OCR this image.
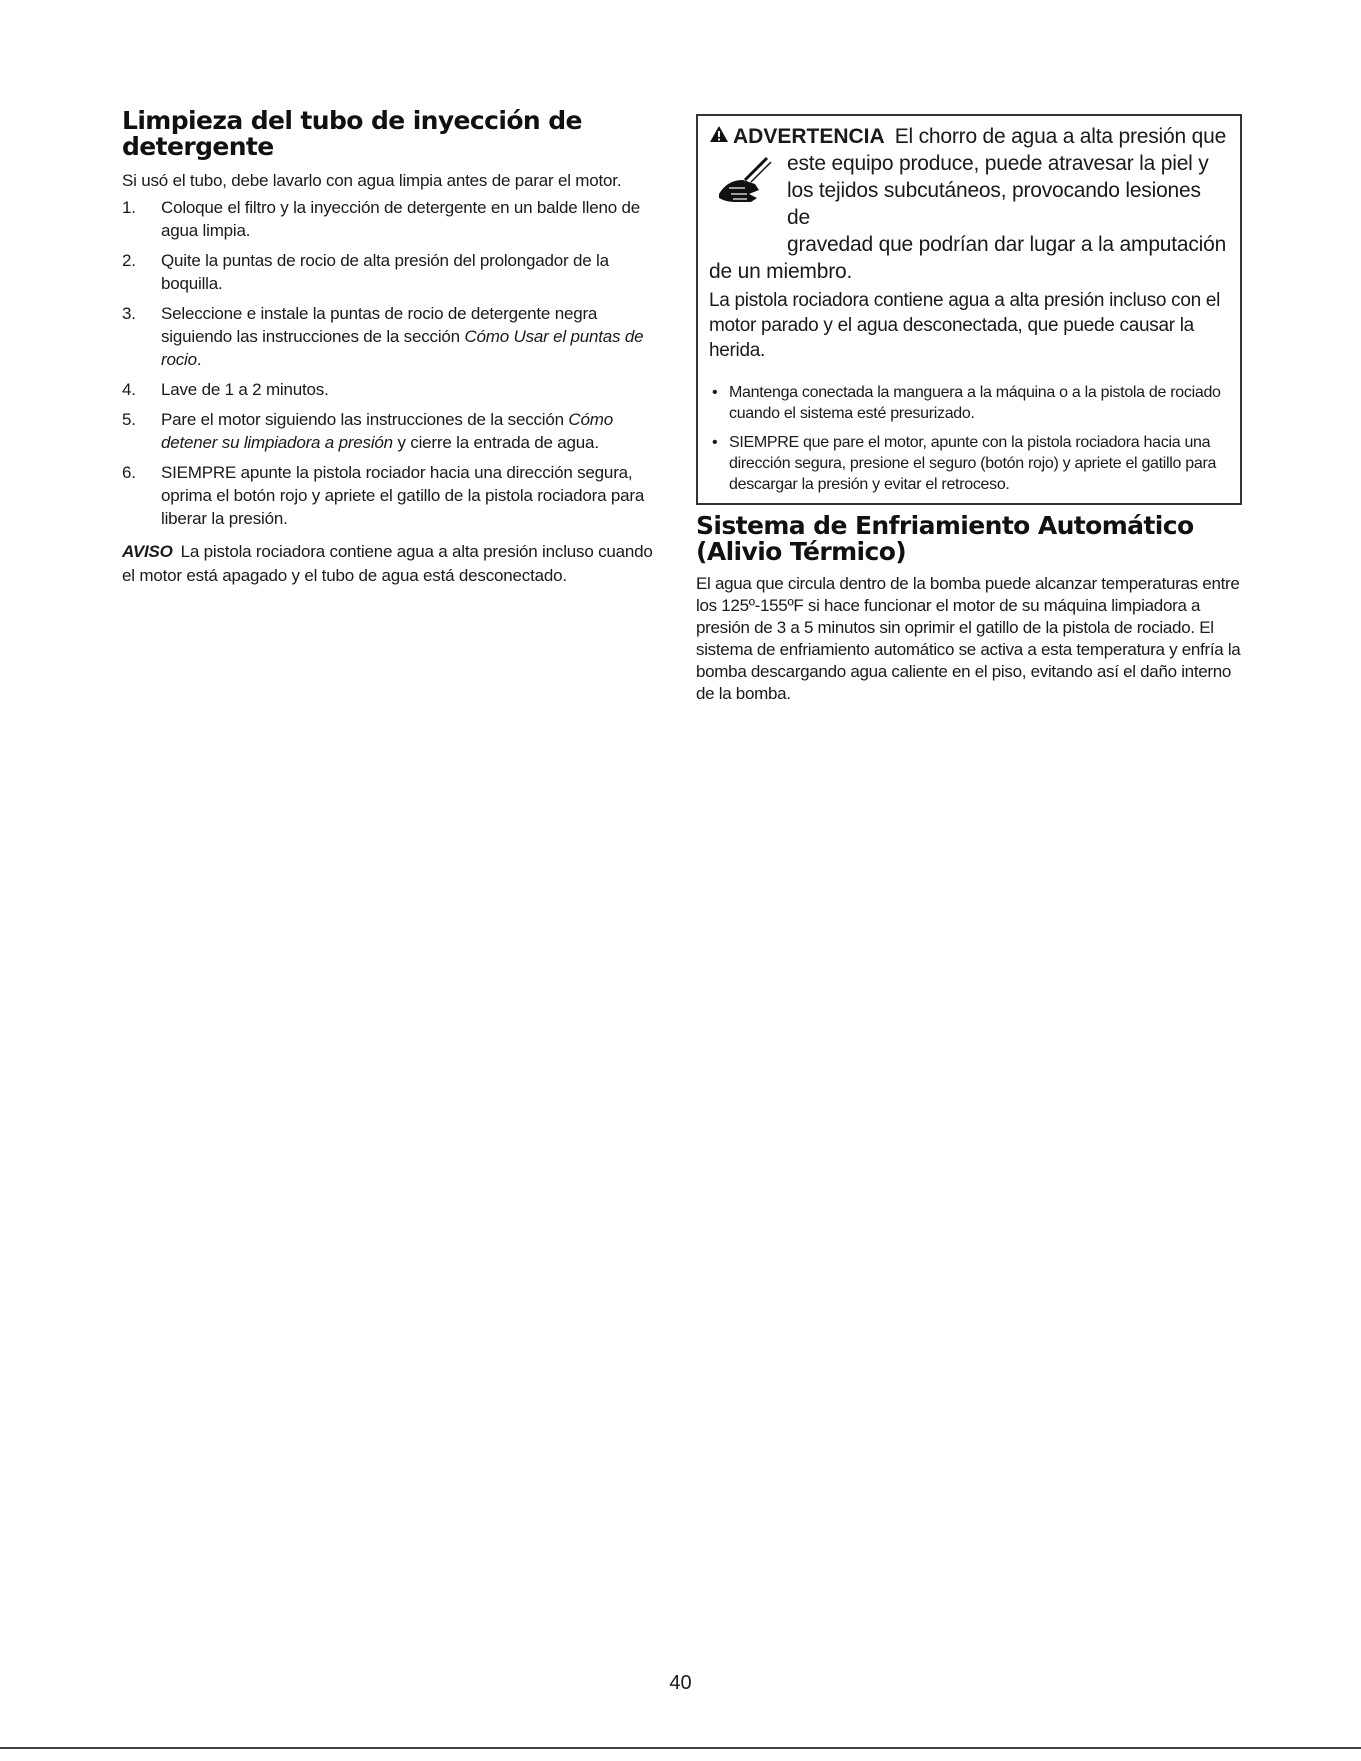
Limpieza del tubo de inyección de detergente

Si usó el tubo, debe lavarlo con agua limpia antes de parar el motor.

1. Coloque el filtro y la inyección de detergente en un balde lleno de agua limpia.
2. Quite la puntas de rocio de alta presión del prolongador de la boquilla.
3. Seleccione e instale la puntas de rocio de detergente negra siguiendo las instrucciones de la sección Cómo Usar el puntas de rocio.
4. Lave de 1 a 2 minutos.
5. Pare el motor siguiendo las instrucciones de la sección Cómo detener su limpiadora a presión y cierre la entrada de agua.
6. SIEMPRE apunte la pistola rociador hacia una dirección segura, oprima el botón rojo y apriete el gatillo de la pistola rociadora para liberar la presión.

AVISO La pistola rociadora contiene agua a alta presión incluso cuando el motor está apagado y el tubo de agua está desconectado.

ADVERTENCIA El chorro de agua a alta presión que
este equipo produce, puede atravesar la piel y
los tejidos subcutáneos, provocando lesiones de
gravedad que podrían dar lugar a la amputación
de un miembro.

La pistola rociadora contiene agua a alta presión incluso con el motor parado y el agua desconectada, que puede causar la herida.

• Mantenga conectada la manguera a la máquina o a la pistola de rociado cuando el sistema esté presurizado.
• SIEMPRE que pare el motor, apunte con la pistola rociadora hacia una dirección segura, presione el seguro (botón rojo) y apriete el gatillo para descargar la presión y evitar el retroceso.
Sistema de Enfriamiento Automático
(Alivio Térmico)

El agua que circula dentro de la bomba puede alcanzar temperaturas entre los 125º-155ºF si hace funcionar el motor de su máquina limpiadora a presión de 3 a 5 minutos sin oprimir el gatillo de la pistola de rociado. El sistema de enfriamiento automático se activa a esta temperatura y enfría la bomba descargando agua caliente en el piso, evitando así el daño interno de la bomba.

40
